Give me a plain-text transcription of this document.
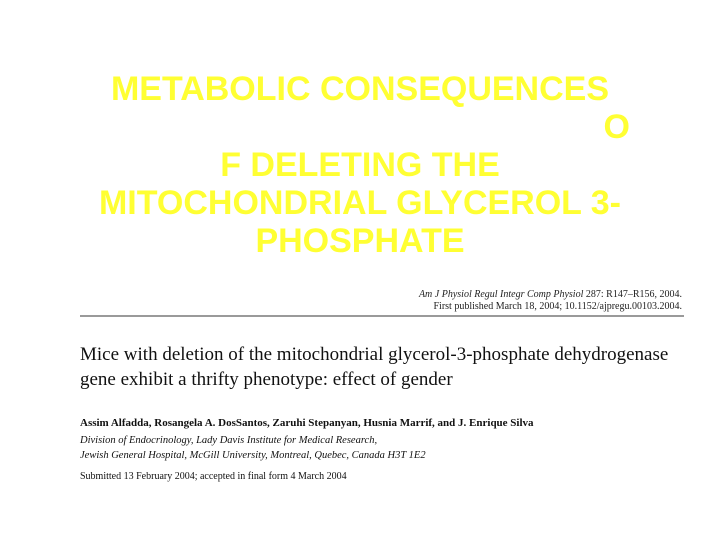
METABOLIC CONSEQUENCES
O
F DELETING THE
MITOCHONDRIAL GLYCEROL 3-
PHOSPHATE
Am J Physiol Regul Integr Comp Physiol 287: R147–R156, 2004.
First published March 18, 2004; 10.1152/ajpregu.00103.2004.
Mice with deletion of the mitochondrial glycerol-3-phosphate dehydrogenase
gene exhibit a thrifty phenotype: effect of gender
Assim Alfadda, Rosangela A. DosSantos, Zaruhi Stepanyan, Husnia Marrif, and J. Enrique Silva
Division of Endocrinology, Lady Davis Institute for Medical Research,
Jewish General Hospital, McGill University, Montreal, Quebec, Canada H3T 1E2
Submitted 13 February 2004; accepted in final form 4 March 2004
